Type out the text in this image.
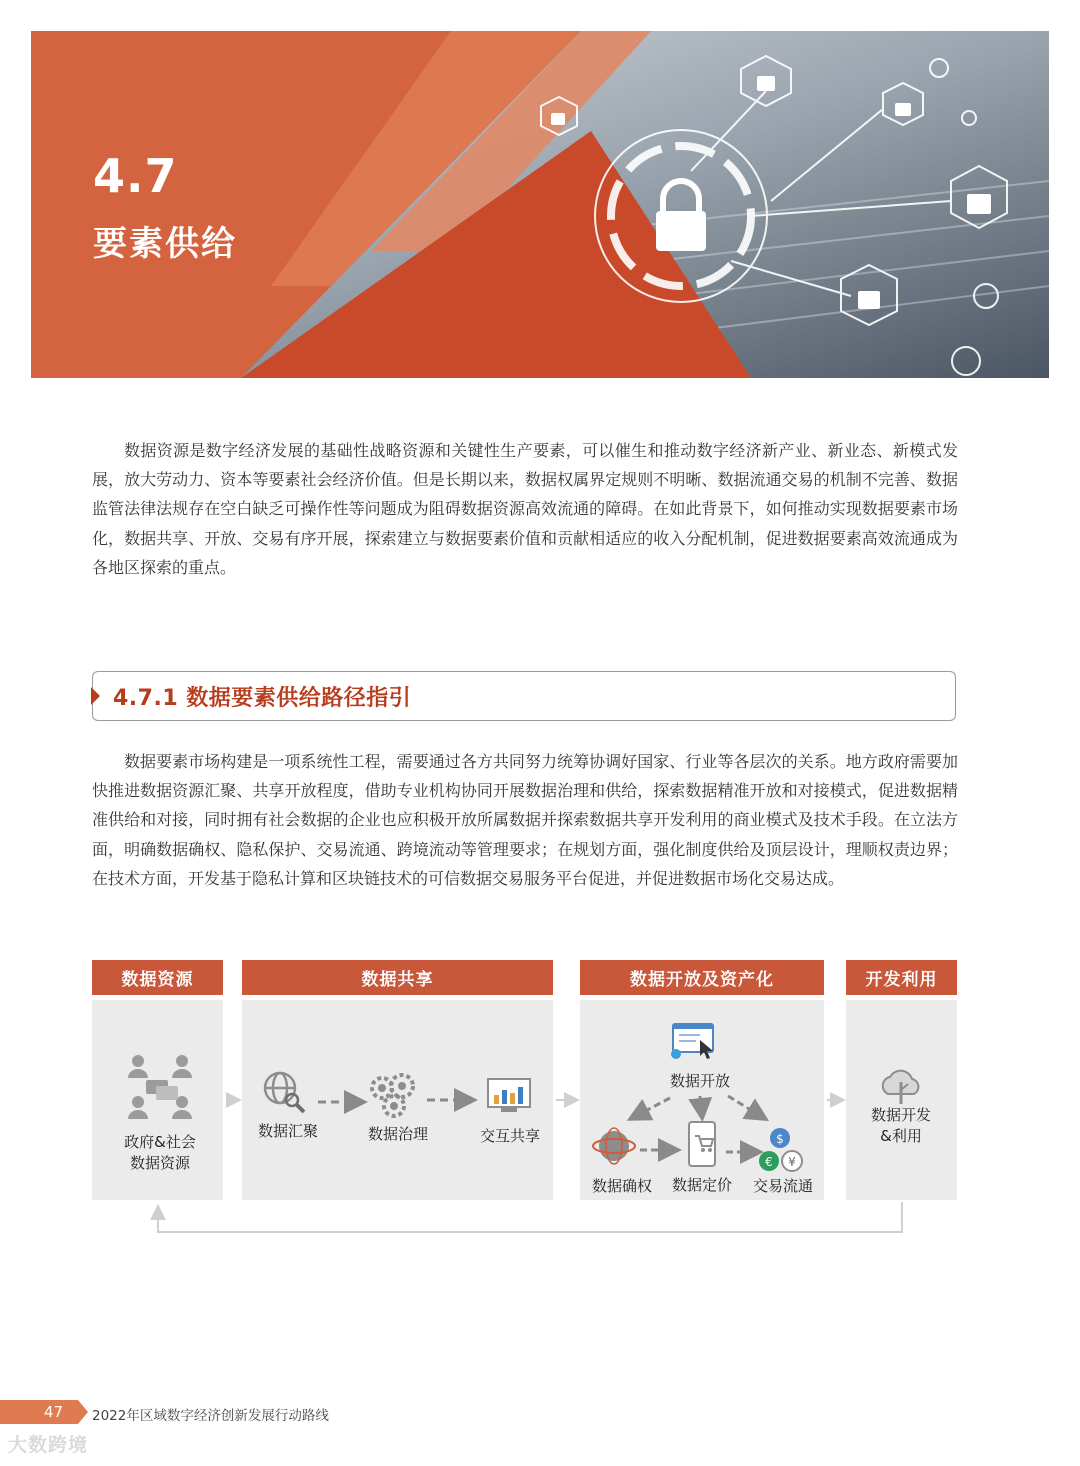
4.7
要素供给
数据资源是数字经济发展的基础性战略资源和关键性生产要素，可以催生和推动数字经济新产业、新业态、新模式发展，放大劳动力、资本等要素社会经济价值。但是长期以来，数据权属界定规则不明晰、数据流通交易的机制不完善、数据监管法律法规存在空白缺乏可操作性等问题成为阻碍数据资源高效流通的障碍。在如此背景下，如何推动实现数据要素市场化，数据共享、开放、交易有序开展，探索建立与数据要素价值和贡献相适应的收入分配机制，促进数据要素高效流通成为各地区探索的重点。
4.7.1 数据要素供给路径指引
数据要素市场构建是一项系统性工程，需要通过各方共同努力统筹协调好国家、行业等各层次的关系。地方政府需要加快推进数据资源汇聚、共享开放程度，借助专业机构协同开展数据治理和供给，探索数据精准开放和对接模式，促进数据精准供给和对接，同时拥有社会数据的企业也应积极开放所属数据并探索数据共享开发利用的商业模式及技术手段。在立法方面，明确数据确权、隐私保护、交易流通、跨境流动等管理要求；在规划方面，强化制度供给及顶层设计，理顺权责边界；在技术方面，开发基于隐私计算和区块链技术的可信数据交易服务平台促进，并促进数据市场化交易达成。
数据资源	数据共享	数据开放及资产化	开发利用
$
€ ¥
政府&社会
数据资源
数据汇聚	数据治理	交互共享
数据开放
数据确权	数据定价	交易流通
数据开发
&利用
47 2022年区域数字经济创新发展行动路线
大数跨境
